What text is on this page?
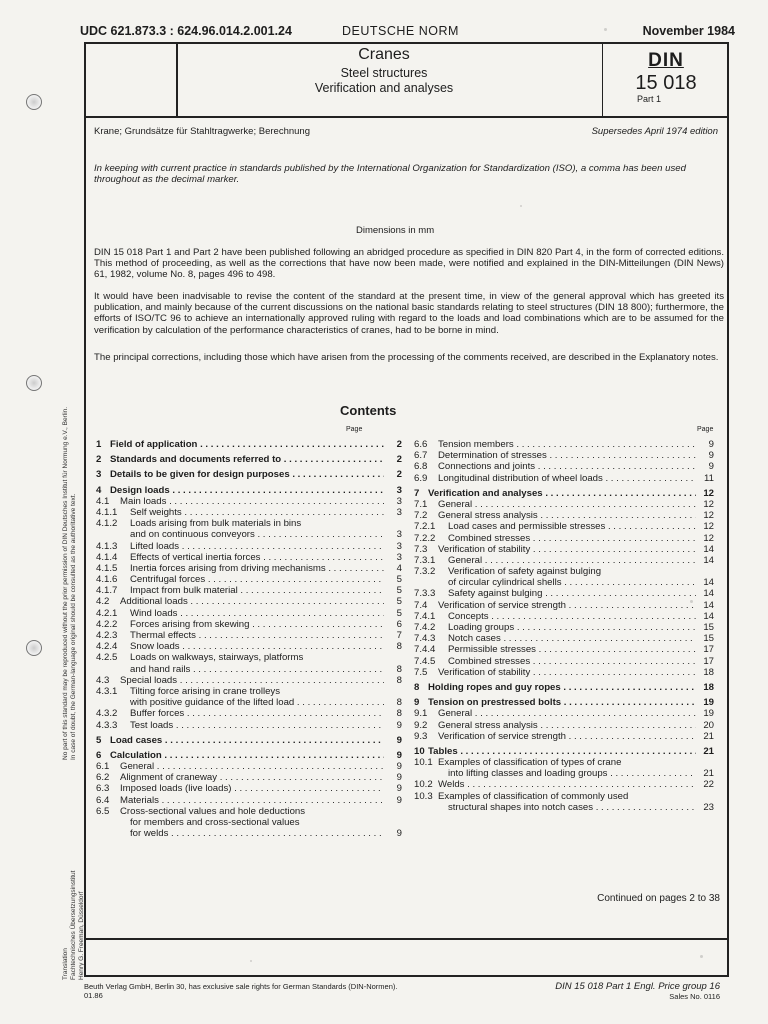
UDC 621.873.3 : 624.96.014.2.001.24	DEUTSCHE NORM	November 1984
Cranes
Steel structures
Verification and analyses
DIN
15 018
Part 1
Krane; Grundsätze für Stahltragwerke; Berechnung	Supersedes April 1974 edition
In keeping with current practice in standards published by the International Organization for Standardization (ISO), a comma has been used throughout as the decimal marker.
Dimensions in mm
DIN 15 018 Part 1 and Part 2 have been published following an abridged procedure as specified in DIN 820 Part 4, in the form of corrected editions. This method of proceeding, as well as the corrections that have now been made, were notified and explained in the DIN-Mitteilungen (DIN News) 61, 1982, volume No. 8, pages 496 to 498.
It would have been inadvisable to revise the content of the standard at the present time, in view of the general approval which has greeted its publication, and mainly because of the current discussions on the national basic standards relating to steel structures (DIN 18 800); furthermore, the efforts of ISO/TC 96 to achieve an internationally approved ruling with regard to the loads and load combinations which are to be assumed for the verification by calculation of the performance characteristics of cranes, had to be borne in mind.
The principal corrections, including those which have arisen from the processing of the comments received, are described in the Explanatory notes.
Contents
Page	Page
1 Field of application . . .	2
2 Standards and documents referred to . . .	2
3 Details to be given for design purposes . . .	2
4 Design loads . . .	3
4.1 Main loads . . .	3
4.1.1 Self weights . . .	3
4.1.2 Loads arising from bulk materials in bins
and on continuous conveyors . . .	3
4.1.3 Lifted loads . . .	3
4.1.4 Effects of vertical inertia forces . . .	3
4.1.5 Inertia forces arising from driving mechanisms . . .	4
4.1.6 Centrifugal forces . . .	5
4.1.7 Impact from bulk material . . .	5
4.2 Additional loads . . .	5
4.2.1 Wind loads . . .	5
4.2.2 Forces arising from skewing . . .	6
4.2.3 Thermal effects . . .	7
4.2.4 Snow loads . . .	8
4.2.5 Loads on walkways, stairways, platforms
and hand rails . . .	8
4.3 Special loads . . .	8
4.3.1 Tilting force arising in crane trolleys
with positive guidance of the lifted load . . .	8
4.3.2 Buffer forces . . .	8
4.3.3 Test loads . . .	9
5 Load cases . . .	9
6 Calculation . . .	9
6.1 General . . .	9
6.2 Alignment of craneway . . .	9
6.3 Imposed loads (live loads) . . .	9
6.4 Materials . . .	9
6.5 Cross-sectional values and hole deductions
for members and cross-sectional values
for welds . . .	9
6.6 Tension members . . .	9
6.7 Determination of stresses . . .	9
6.8 Connections and joints . . .	9
6.9 Longitudinal distribution of wheel loads . . .	11
7 Verification and analyses . . .	12
7.1 General . . .	12
7.2 General stress analysis . . .	12
7.2.1 Load cases and permissible stresses . . .	12
7.2.2 Combined stresses . . .	12
7.3 Verification of stability . . .	14
7.3.1 General . . .	14
7.3.2 Verification of safety against bulging
of circular cylindrical shells . . .	14
7.3.3 Safety against bulging . . .	14
7.4 Verification of service strength . . .	14
7.4.1 Concepts . . .	14
7.4.2 Loading groups . . .	15
7.4.3 Notch cases . . .	15
7.4.4 Permissible stresses . . .	17
7.4.5 Combined stresses . . .	17
7.5 Verification of stability . . .	18
8 Holding ropes and guy ropes . . .	18
9 Tension on prestressed bolts . . .	19
9.1 General . . .	19
9.2 General stress analysis . . .	20
9.3 Verification of service strength . . .	21
10 Tables . . .	21
10.1 Examples of classification of types of crane
into lifting classes and loading groups . . .	21
10.2 Welds . . .	22
10.3 Examples of classification of commonly used
structural shapes into notch cases . . .	23
Continued on pages 2 to 38
Beuth Verlag GmbH, Berlin 30, has exclusive sale rights for German Standards (DIN-Normen).
01.86
DIN 15 018 Part 1 Engl. Price group 16
Sales No. 0116
No part of this standard may be reproduced without the prior permission of DIN Deutsches Institut für Normung e.V., Berlin. In case of doubt, the German-language original should be consulted as the authoritative text.
Translation Fachtechnisches Übersetzungsinstitut Henry G. Freeman, Düsseldorf
